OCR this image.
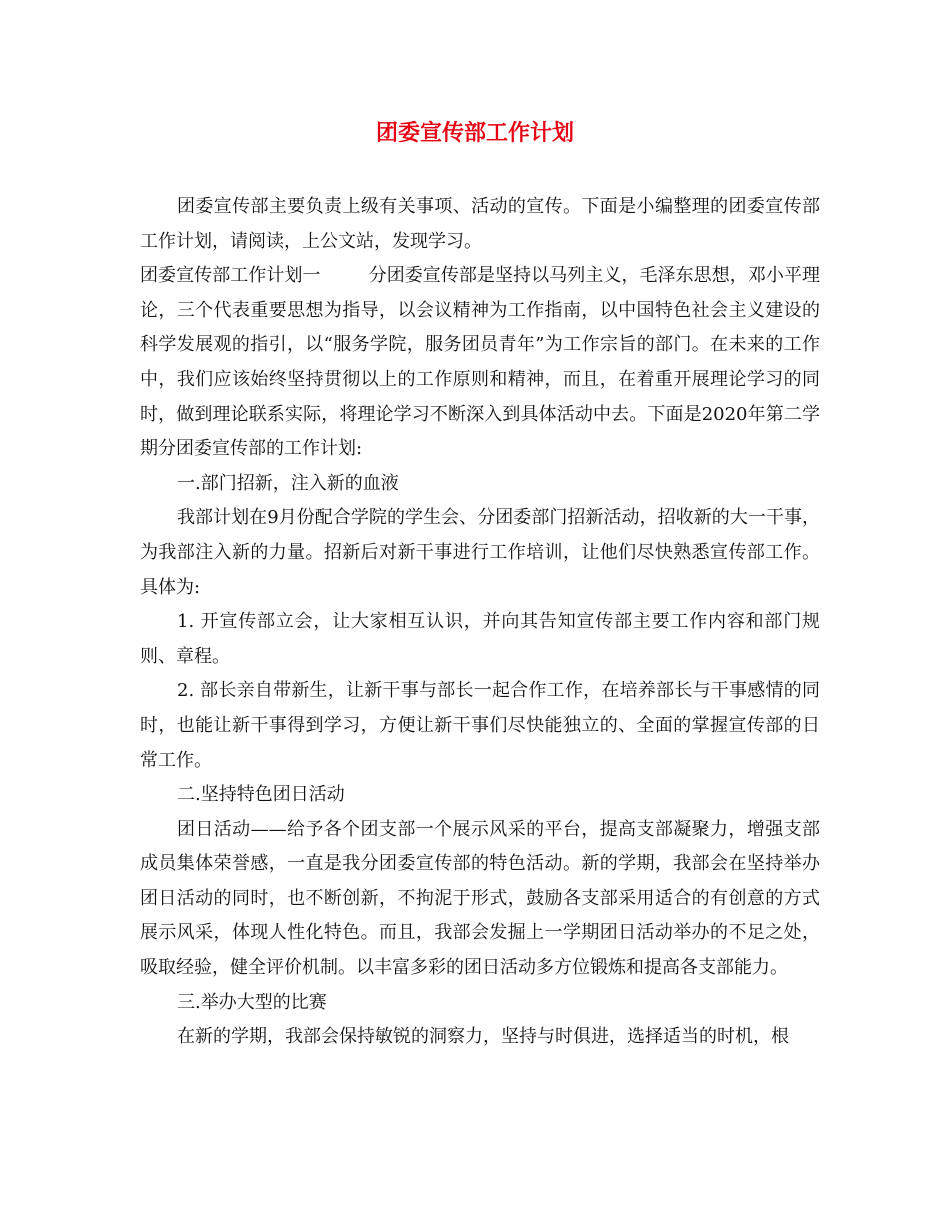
团委宣传部工作计划

团委宣传部主要负责上级有关事项、活动的宣传。下面是小编整理的团委宣传部工作计划，请阅读，上公文站，发现学习。

团委宣传部工作计划一	分团委宣传部是坚持以马列主义，毛泽东思想，邓小平理论，三个代表重要思想为指导，以会议精神为工作指南，以中国特色社会主义建设的科学发展观的指引，以“服务学院，服务团员青年”为工作宗旨的部门。在未来的工作中，我们应该始终坚持贯彻以上的工作原则和精神，而且，在着重开展理论学习的同时，做到理论联系实际，将理论学习不断深入到具体活动中去。下面是2020年第二学期分团委宣传部的工作计划:

一.部门招新，注入新的血液

我部计划在9月份配合学院的学生会、分团委部门招新活动，招收新的大一干事，为我部注入新的力量。招新后对新干事进行工作培训，让他们尽快熟悉宣传部工作。具体为:

1. 开宣传部立会，让大家相互认识，并向其告知宣传部主要工作内容和部门规则、章程。

2. 部长亲自带新生，让新干事与部长一起合作工作，在培养部长与干事感情的同时，也能让新干事得到学习，方便让新干事们尽快能独立的、全面的掌握宣传部的日常工作。

二.坚持特色团日活动

团日活动——给予各个团支部一个展示风采的平台，提高支部凝聚力，增强支部成员集体荣誉感，一直是我分团委宣传部的特色活动。新的学期，我部会在坚持举办团日活动的同时，也不断创新，不拘泥于形式，鼓励各支部采用适合的有创意的方式展示风采，体现人性化特色。而且，我部会发掘上一学期团日活动举办的不足之处，吸取经验，健全评价机制。以丰富多彩的团日活动多方位锻炼和提高各支部能力。

三.举办大型的比赛

在新的学期，我部会保持敏锐的洞察力，坚持与时俱进，选择适当的时机，根
